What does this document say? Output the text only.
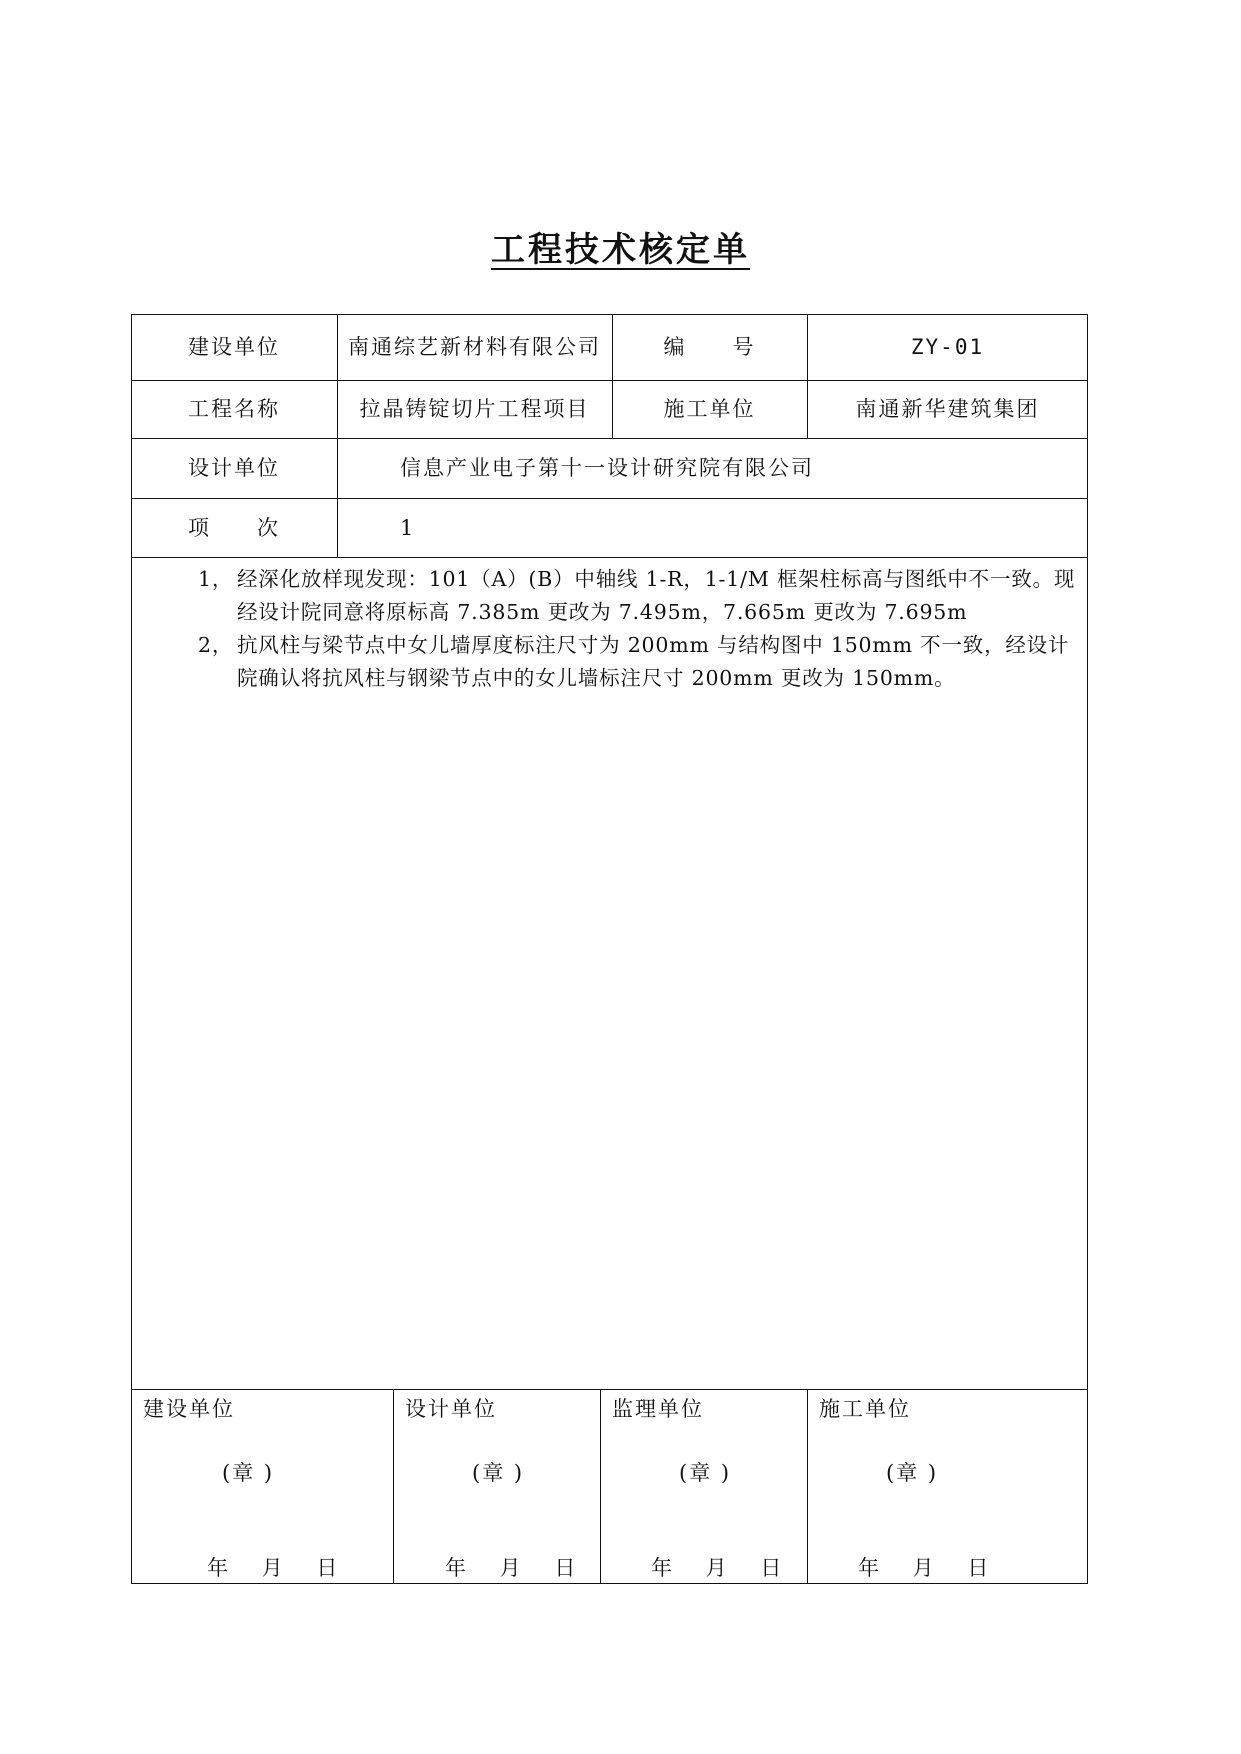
工程技术核定单
建设单位	南通综艺新材料有限公司	编　　号	ZY-01
工程名称	拉晶铸锭切片工程项目	施工单位	南通新华建筑集团
设计单位	信息产业电子第十一设计研究院有限公司
项　　次	1
1， 经深化放样现发现：101（A）(B）中轴线 1-R，1-1/M 框架柱标高与图纸中不一致。现经设计院同意将原标高 7.385m 更改为 7.495m，7.665m 更改为 7.695m
2， 抗风柱与梁节点中女儿墙厚度标注尺寸为 200mm 与结构图中 150mm 不一致，经设计院确认将抗风柱与钢梁节点中的女儿墙标注尺寸 200mm 更改为 150mm。
建设单位
(章 )
年　 月　 日
设计单位
(章 )
年　 月　 日
监理单位
(章 )
年　 月　 日
施工单位
(章 )
年　 月　 日
